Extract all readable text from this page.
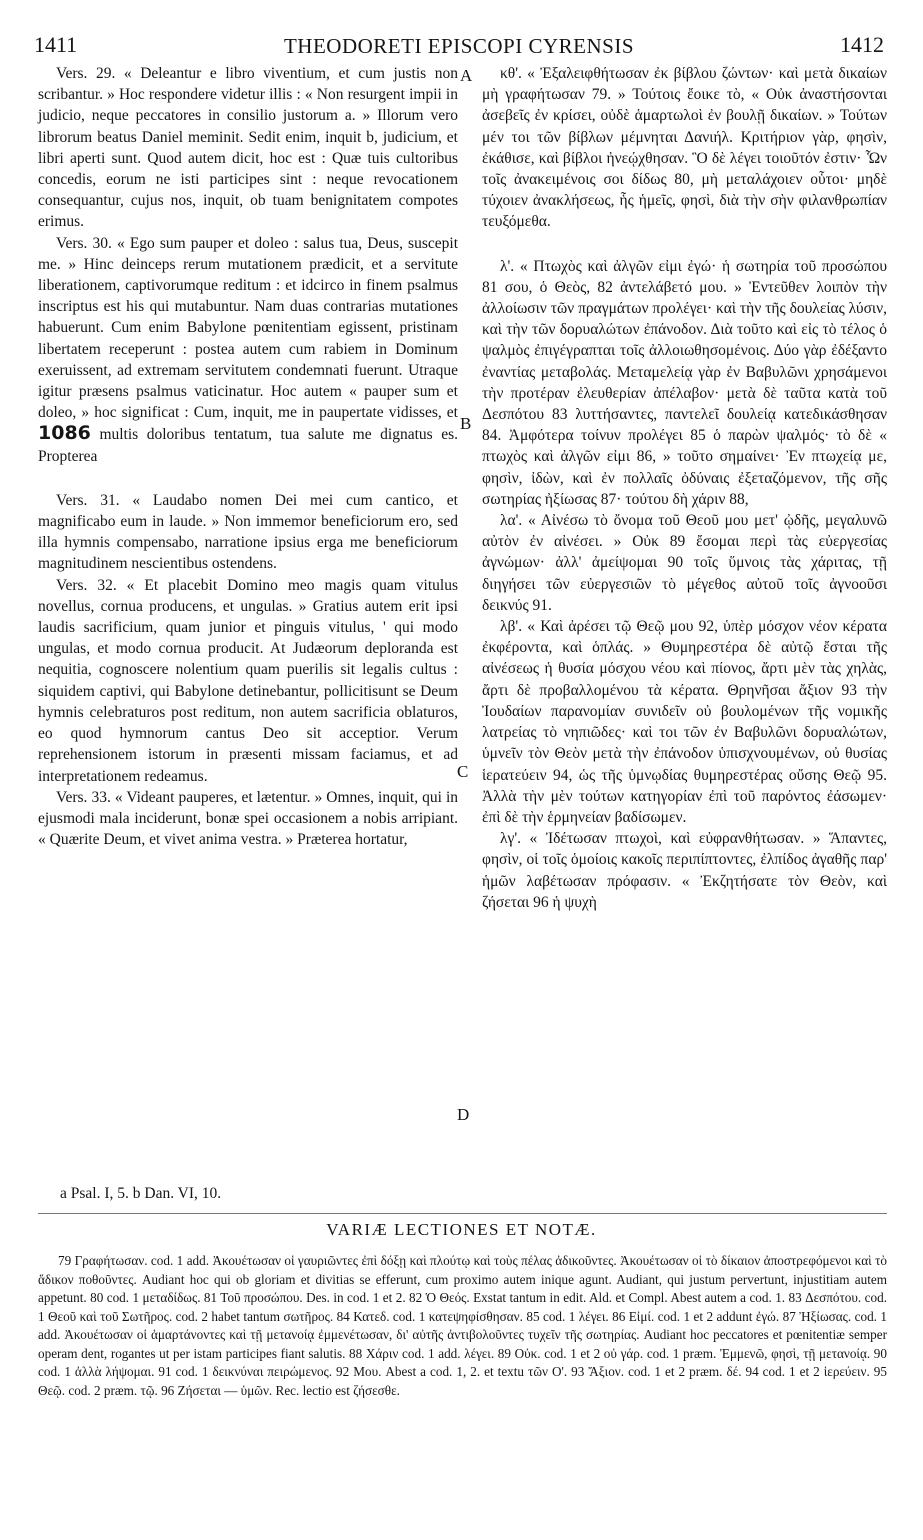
1411	THEODORETI EPISCOPI CYRENSIS	1412

Vers. 29. « Deleantur e libro viventium, et cum justis non scribantur. » Hoc respondere videtur illis : « Non resurgent impii in judicio, neque peccatores in consilio justorum a. » Illorum vero librorum beatus Daniel meminit. Sedit enim, inquit b, judicium, et libri aperti sunt. Quod autem dicit, hoc est : Quæ tuis cultoribus concedis, eorum ne isti participes sint : neque revocationem consequantur, cujus nos, inquit, ob tuam benignitatem compotes erimus.

Vers. 30. « Ego sum pauper et doleo : salus tua, Deus, suscepit me. » Hinc deinceps rerum mutationem prædicit, et a servitute liberationem, captivorumque reditum : et idcirco in finem psalmus inscriptus est his qui mutabuntur. Nam duas contrarias mutationes habuerunt. Cum enim Babylone pœnitentiam egissent, pristinam libertatem receperunt : postea autem cum rabiem in Dominum exeruissent, ad extremam servitutem condemnati fuerunt. Utraque igitur præsens psalmus vaticinatur. Hoc autem « pauper sum et doleo, » hoc significat : Cum, inquit, me in paupertate vidisses, et 1086 multis doloribus tentatum, tua salute me dignatus es. Propterea

Vers. 31. « Laudabo nomen Dei mei cum cantico, et magnificabo eum in laude. » Non immemor beneficiorum ero, sed illa hymnis compensabo, narratione ipsius erga me beneficiorum magnitudinem nescientibus ostendens.

Vers. 32. « Et placebit Domino meo magis quam vitulus novellus, cornua producens, et ungulas. » Gratius autem erit ipsi laudis sacrificium, quam junior et pinguis vitulus, ' qui modo ungulas, et modo cornua producit. At Judæorum deploranda est nequitia, cognoscere nolentium quam puerilis sit legalis cultus : siquidem captivi, qui Babylone detinebantur, pollicitisunt se Deum hymnis celebraturos post reditum, non autem sacrificia oblaturos, eo quod hymnorum cantus Deo sit acceptior. Verum reprehensionem istorum in præsenti missam faciamus, et ad interpretationem redeamus.

Vers. 33. « Videant pauperes, et lætentur. » Omnes, inquit, qui in ejusmodi mala inciderunt, bonæ spei occasionem a nobis arripiant. « Quærite Deum, et vivet anima vestra. » Præterea hortatur,

A
B
C
D

κθ'. « Ἐξαλειφθήτωσαν ἐκ βίβλου ζώντων· καὶ μετὰ δικαίων μὴ γραφήτωσαν 79. » Τούτοις ἔοικε τὸ, « Οὐκ ἀναστήσονται ἀσεβεῖς ἐν κρίσει, οὐδὲ ἁμαρτωλοὶ ἐν βουλῇ δικαίων. » Τούτων μέν τοι τῶν βίβλων μέμνηται Δανιήλ. Κριτήριον γὰρ, φησὶν, ἐκάθισε, καὶ βίβλοι ἠνεῴχθησαν. Ὃ δὲ λέγει τοιοῦτόν ἐστιν· Ὧν τοῖς ἀνακειμένοις σοι δίδως 80, μὴ μεταλάχοιεν οὗτοι· μηδὲ τύχοιεν ἀνακλήσεως, ἧς ἡμεῖς, φησὶ, διὰ τὴν σὴν φιλανθρωπίαν τευξόμεθα.

λ'. « Πτωχὸς καὶ ἀλγῶν εἰμι ἐγώ· ἡ σωτηρία τοῦ προσώπου 81 σου, ὁ Θεὸς, 82 ἀντελάβετό μου. » Ἐντεῦθεν λοιπὸν τὴν ἀλλοίωσιν τῶν πραγμάτων προλέγει· καὶ τὴν τῆς δουλείας λύσιν, καὶ τὴν τῶν δορυαλώτων ἐπάνοδον. Διὰ τοῦτο καὶ εἰς τὸ τέλος ὁ ψαλμὸς ἐπιγέγραπται τοῖς ἀλλοιωθησομένοις. Δύο γὰρ ἐδέξαντο ἐναντίας μεταβολάς. Μεταμελείᾳ γὰρ ἐν Βαβυλῶνι χρησάμενοι τὴν προτέραν ἐλευθερίαν ἀπέλαβον· μετὰ δὲ ταῦτα κατὰ τοῦ Δεσπότου 83 λυττήσαντες, παντελεῖ δουλείᾳ κατεδικάσθησαν 84. Ἀμφότερα τοίνυν προλέγει 85 ὁ παρὼν ψαλμός· τὸ δὲ « πτωχὸς καὶ ἀλγῶν εἰμι 86, » τοῦτο σημαίνει· Ἐν πτωχείᾳ με, φησὶν, ἰδὼν, καὶ ἐν πολλαῖς ὀδύναις ἐξεταζόμενον, τῆς σῆς σωτηρίας ἠξίωσας 87· τούτου δὴ χάριν 88,

λα'. « Αἰνέσω τὸ ὄνομα τοῦ Θεοῦ μου μετ' ᾠδῆς, μεγαλυνῶ αὐτὸν ἐν αἰνέσει. » Οὐκ 89 ἔσομαι περὶ τὰς εὐεργεσίας ἀγνώμων· ἀλλ' ἀμείψομαι 90 τοῖς ὕμνοις τὰς χάριτας, τῇ διηγήσει τῶν εὐεργεσιῶν τὸ μέγεθος αὐτοῦ τοῖς ἀγνοοῦσι δεικνύς 91.

λβ'. « Καὶ ἀρέσει τῷ Θεῷ μου 92, ὑπὲρ μόσχον νέον κέρατα ἐκφέροντα, καὶ ὁπλάς. » Θυμηρεστέρα δὲ αὐτῷ ἔσται τῆς αἰνέσεως ἡ θυσία μόσχου νέου καὶ πίονος, ἄρτι μὲν τὰς χηλὰς, ἄρτι δὲ προβαλλομένου τὰ κέρατα. Θρηνῆσαι ἄξιον 93 τὴν Ἰουδαίων παρανομίαν συνιδεῖν οὐ βουλομένων τῆς νομικῆς λατρείας τὸ νηπιῶδες· καὶ τοι τῶν ἐν Βαβυλῶνι δορυαλώτων, ὑμνεῖν τὸν Θεὸν μετὰ τὴν ἐπάνοδον ὑπισχνουμένων, οὐ θυσίας ἱερατεύειν 94, ὡς τῆς ὑμνῳδίας θυμηρεστέρας οὔσης Θεῷ 95. Ἀλλὰ τὴν μὲν τούτων κατηγορίαν ἐπὶ τοῦ παρόντος ἐάσωμεν· ἐπὶ δὲ τὴν ἑρμηνείαν βαδίσωμεν.

λγ'. « Ἰδέτωσαν πτωχοὶ, καὶ εὐφρανθήτωσαν. » Ἅπαντες, φησὶν, οἱ τοῖς ὁμοίοις κακοῖς περιπίπτοντες, ἐλπίδος ἀγαθῆς παρ' ἡμῶν λαβέτωσαν πρόφασιν. « Ἐκζητήσατε τὸν Θεὸν, καὶ ζήσεται 96 ἡ ψυχὴ

a Psal. I, 5. b Dan. VI, 10.
VARIÆ LECTIONES ET NOTÆ.

79 Γραφήτωσαν. cod. 1 add. Ἀκουέτωσαν οἱ γαυριῶντες ἐπὶ δόξῃ καὶ πλούτῳ καὶ τοὺς πέλας ἀδικοῦντες. Ἀκουέτωσαν οἱ τὸ δίκαιον ἀποστρεφόμενοι καὶ τὸ ἄδικον ποθοῦντες. Audiant hoc qui ob gloriam et divitias se efferunt, cum proximo autem inique agunt. Audiant, qui justum pervertunt, injustitiam autem appetunt. 80 cod. 1 μεταδίδως. 81 Τοῦ προσώπου. Des. in cod. 1 et 2. 82 Ὁ Θεός. Exstat tantum in edit. Ald. et Compl. Abest autem a cod. 1. 83 Δεσπότου. cod. 1 Θεοῦ καὶ τοῦ Σωτῆρος. cod. 2 habet tantum σωτῆρος. 84 Κατεδ. cod. 1 κατεψηφίσθησαν. 85 cod. 1 λέγει. 86 Εἰμί. cod. 1 et 2 addunt ἐγώ. 87 Ἠξίωσας. cod. 1 add. Ἀκουέτωσαν οἱ ἁμαρτάνοντες καὶ τῇ μετανοίᾳ ἐμμενέτωσαν, δι' αὐτῆς ἀντιβολοῦντες τυχεῖν τῆς σωτηρίας. Audiant hoc peccatores et pœnitentiæ semper operam dent, rogantes ut per istam participes fiant salutis. 88 Χάριν cod. 1 add. λέγει. 89 Οὐκ. cod. 1 et 2 οὐ γάρ. cod. 1 præm. Ἐμμενῶ, φησὶ, τῇ μετανοίᾳ. 90 cod. 1 ἀλλὰ λήψομαι. 91 cod. 1 δεικνύναι πειρώμενος. 92 Μου. Abest a cod. 1, 2. et textu τῶν Ο'. 93 Ἄξιον. cod. 1 et 2 præm. δέ. 94 cod. 1 et 2 ἱερεύειν. 95 Θεῷ. cod. 2 præm. τῷ. 96 Ζήσεται — ὑμῶν. Rec. lectio est ζήσεσθε.
